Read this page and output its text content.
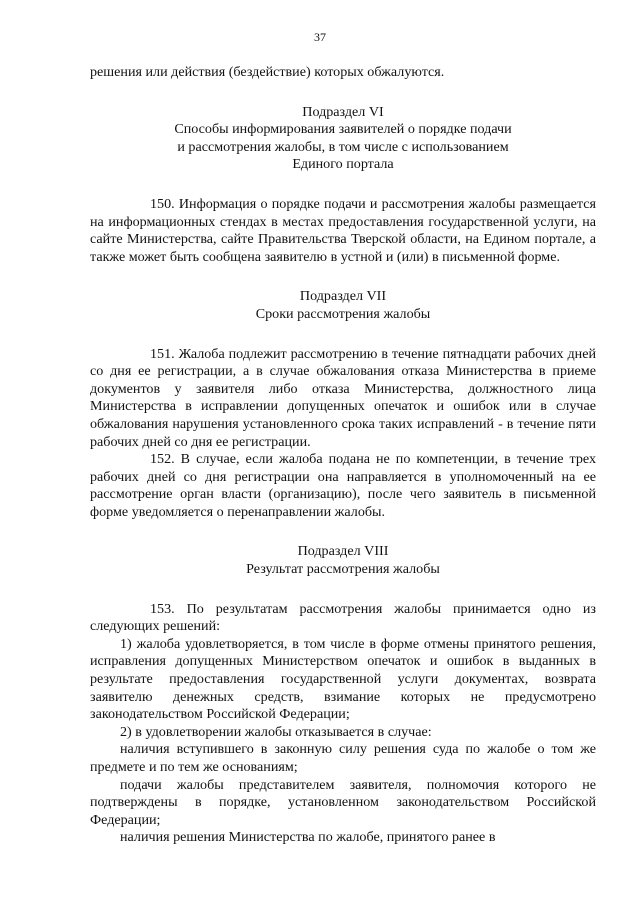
37

решения или действия (бездействие) которых обжалуются.

Подраздел VI
Способы информирования заявителей о порядке подачи
и рассмотрения жалобы, в том числе с использованием
Единого портала

150. Информация о порядке подачи и рассмотрения жалобы размещается на информационных стендах в местах предоставления государственной услуги, на сайте Министерства, сайте Правительства Тверской области, на Едином портале, а также может быть сообщена заявителю в устной и (или) в письменной форме.

Подраздел VII
Сроки рассмотрения жалобы

151. Жалоба подлежит рассмотрению в течение пятнадцати рабочих дней со дня ее регистрации, а в случае обжалования отказа Министерства в приеме документов у заявителя либо отказа Министерства, должностного лица Министерства в исправлении допущенных опечаток и ошибок или в случае обжалования нарушения установленного срока таких исправлений - в течение пяти рабочих дней со дня ее регистрации.

152. В случае, если жалоба подана не по компетенции, в течение трех рабочих дней со дня регистрации она направляется в уполномоченный на ее рассмотрение орган власти (организацию), после чего заявитель в письменной форме уведомляется о перенаправлении жалобы.

Подраздел VIII
Результат рассмотрения жалобы

153. По результатам рассмотрения жалобы принимается одно из следующих решений:

1) жалоба удовлетворяется, в том числе в форме отмены принятого решения, исправления допущенных Министерством опечаток и ошибок в выданных в результате предоставления государственной услуги документах, возврата заявителю денежных средств, взимание которых не предусмотрено законодательством Российской Федерации;

2) в удовлетворении жалобы отказывается в случае:

наличия вступившего в законную силу решения суда по жалобе о том же предмете и по тем же основаниям;

подачи жалобы представителем заявителя, полномочия которого не подтверждены в порядке, установленном законодательством Российской Федерации;

наличия решения Министерства по жалобе, принятого ранее в
